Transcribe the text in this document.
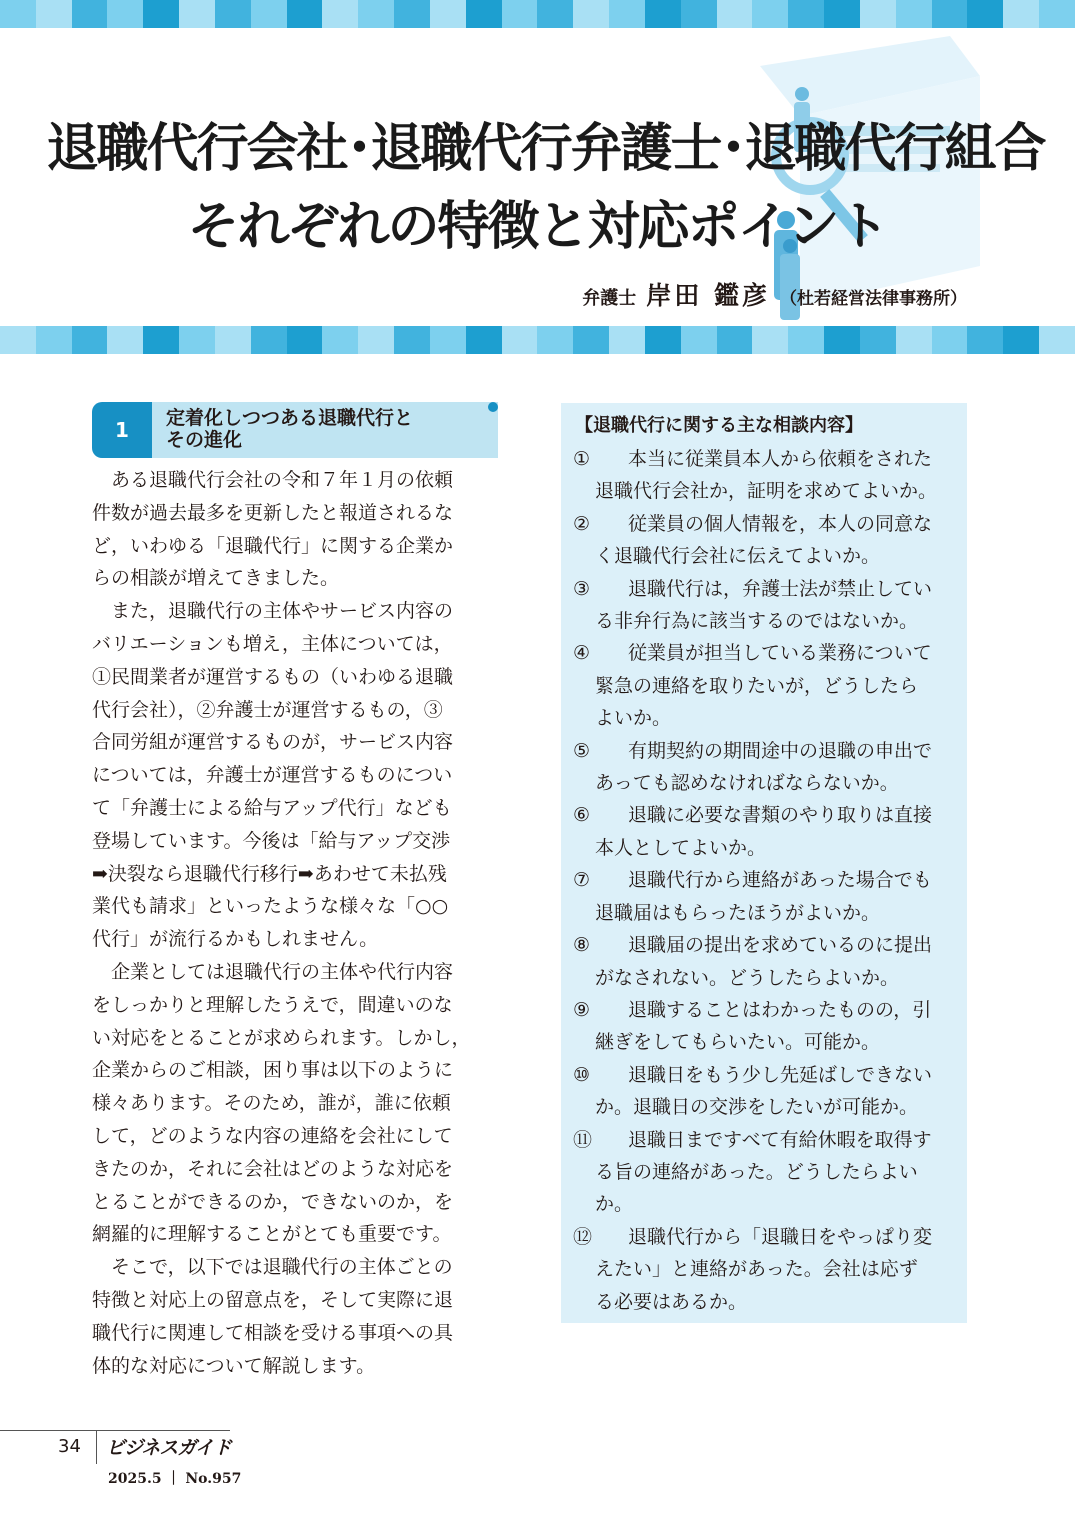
退職代行会社･退職代行弁護士･退職代行組合
それぞれの特徴と対応ポイント
弁護士 岸田 鑑彦 （杜若経営法律事務所）
1	定着化しつつある退職代行と
その進化

　ある退職代行会社の令和７年１月の依頼

件数が過去最多を更新したと報道されるな

ど，いわゆる「退職代行」に関する企業か

らの相談が増えてきました。

　また，退職代行の主体やサービス内容の

バリエーションも増え，主体については，

①民間業者が運営するもの（いわゆる退職

代行会社），②弁護士が運営するもの，③

合同労組が運営するものが，サービス内容

については，弁護士が運営するものについ

て「弁護士による給与アップ代行」なども

登場しています。今後は「給与アップ交渉

➡決裂なら退職代行移行➡あわせて未払残

業代も請求」といったような様々な「○○

代行」が流行るかもしれません。

　企業としては退職代行の主体や代行内容

をしっかりと理解したうえで，間違いのな

い対応をとることが求められます。しかし，

企業からのご相談，困り事は以下のように

様々あります。そのため，誰が，誰に依頼

して，どのような内容の連絡を会社にして

きたのか，それに会社はどのような対応を

とることができるのか，できないのか，を

網羅的に理解することがとても重要です。

　そこで，以下では退職代行の主体ごとの

特徴と対応上の留意点を，そして実際に退

職代行に関連して相談を受ける事項への具

体的な対応について解説します。

【退職代行に関する主な相談内容】
① 　本当に従業員本人から依頼をされた
退職代行会社か，証明を求めてよいか。
② 　従業員の個人情報を，本人の同意な
く退職代行会社に伝えてよいか。
③ 　退職代行は，弁護士法が禁止してい
る非弁行為に該当するのではないか。
④ 　従業員が担当している業務について
緊急の連絡を取りたいが，どうしたら
よいか。
⑤ 　有期契約の期間途中の退職の申出で
あっても認めなければならないか。
⑥ 　退職に必要な書類のやり取りは直接
本人としてよいか。
⑦ 　退職代行から連絡があった場合でも
退職届はもらったほうがよいか。
⑧ 　退職届の提出を求めているのに提出
がなされない。どうしたらよいか。
⑨ 　退職することはわかったものの，引
継ぎをしてもらいたい。可能か。
⑩ 　退職日をもう少し先延ばしできない
か。退職日の交渉をしたいが可能か。
⑪ 　退職日まですべて有給休暇を取得す
る旨の連絡があった。どうしたらよい
か。
⑫ 　退職代行から「退職日をやっぱり変
えたい」と連絡があった。会社は応ず
る必要はあるか。
34 ビジネスガイド
2025.5 ｜ No.957
